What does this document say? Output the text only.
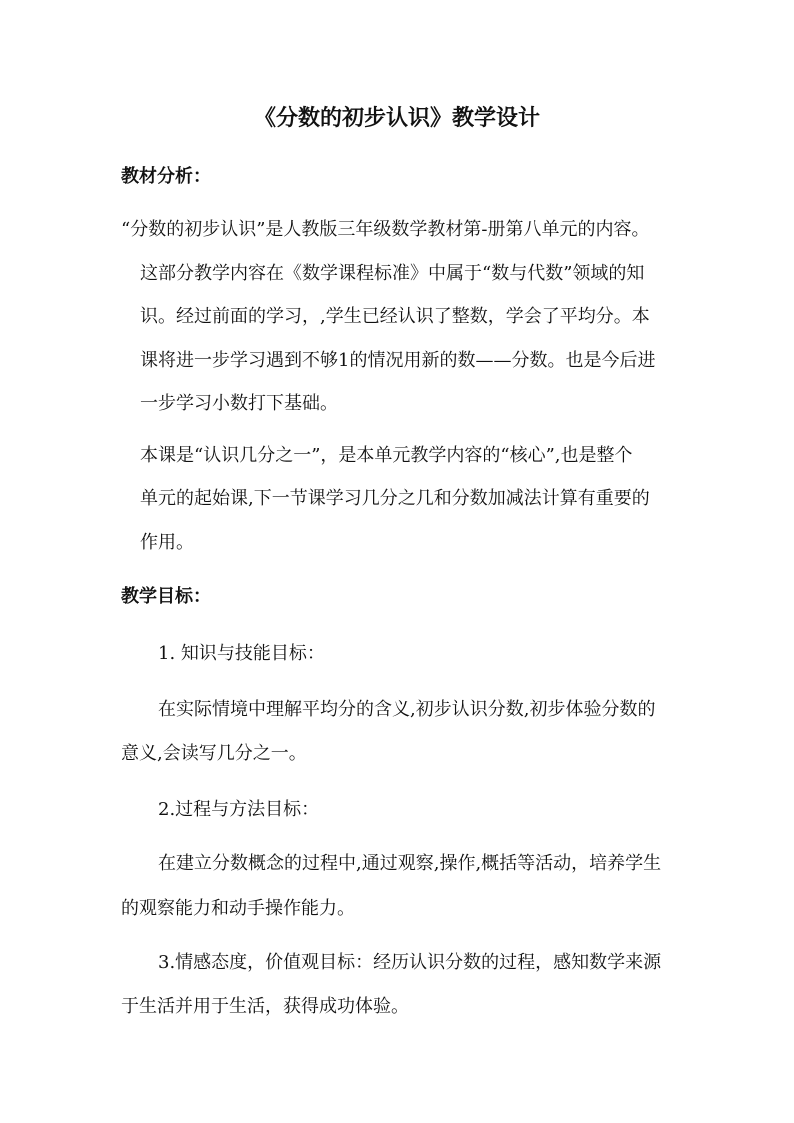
《分数的初步认识》教学设计
教材分析：
“分数的初步认识”是人教版三年级数学教材第-册第八单元的内容。
这部分教学内容在《数学课程标准》中属于“数与代数”领域的知
识。经过前面的学习，,学生已经认识了整数，学会了平均分。本
课将进一步学习遇到不够1的情况用新的数——分数。也是今后进
一步学习小数打下基础。
本课是“认识几分之一”，是本单元教学内容的“核心”,也是整个
单元的起始课,下一节课学习几分之几和分数加减法计算有重要的
作用。
教学目标：
1. 知识与技能目标：
在实际情境中理解平均分的含义,初步认识分数,初步体验分数的
意义,会读写几分之一。
2.过程与方法目标：
在建立分数概念的过程中,通过观察,操作,概括等活动，培养学生
的观察能力和动手操作能力。
3.情感态度，价值观目标：经历认识分数的过程，感知数学来源
于生活并用于生活，获得成功体验。
